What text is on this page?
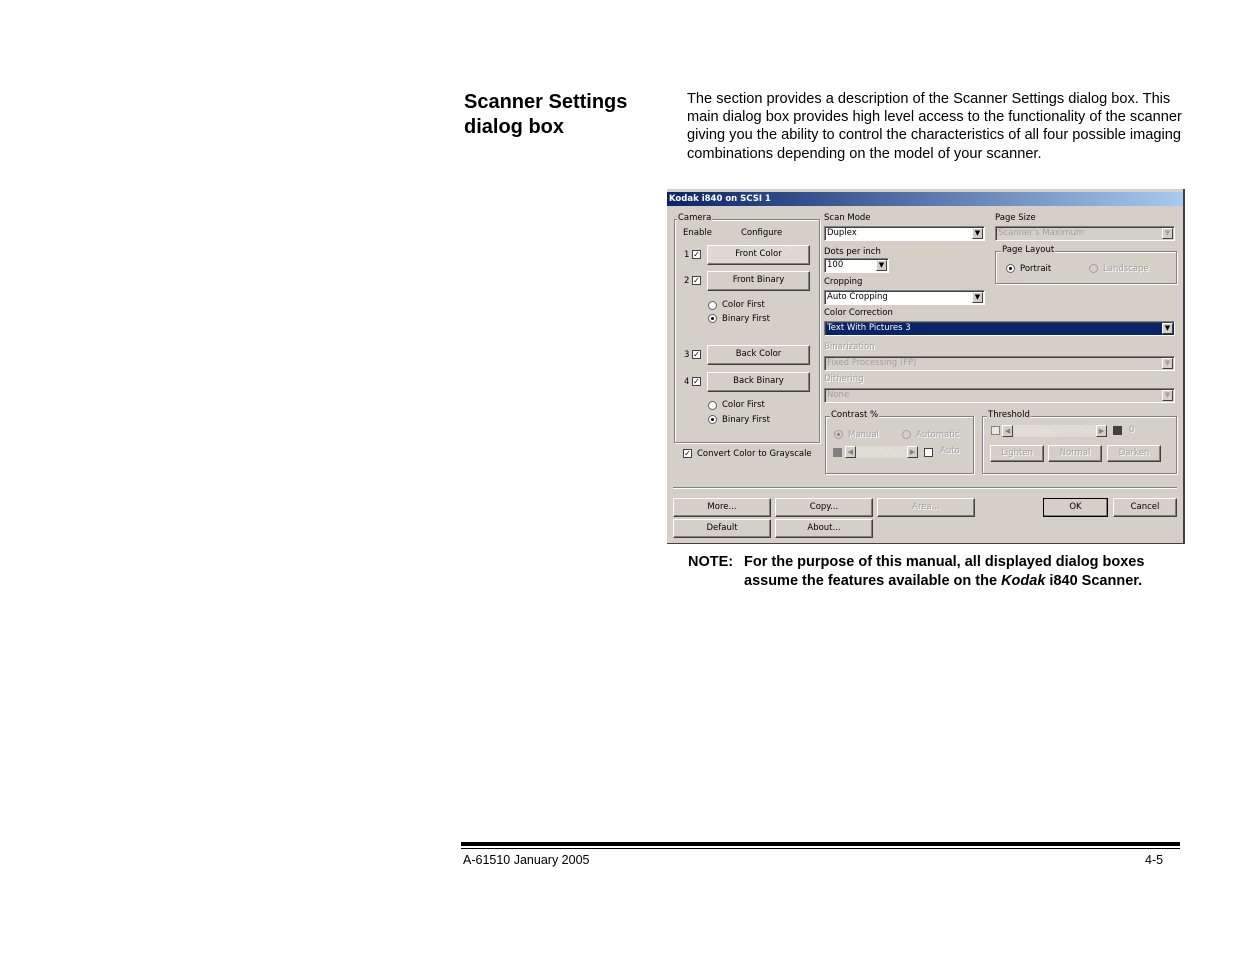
Scanner Settings dialog box
The section provides a description of the Scanner Settings dialog box. This main dialog box provides high level access to the functionality of the scanner giving you the ability to control the characteristics of all four possible imaging combinations depending on the model of your scanner.
Kodak i840 on SCSI 1
Camera
Enable	Configure
1 ✓	Front Color
2 ✓	Front Binary
Color First
Binary First
3 ✓	Back Color
4 ✓	Back Binary
Color First
Binary First
✓ Convert Color to Grayscale
Scan Mode
Duplex	▼
Dots per inch
100	▼
Cropping
Auto Cropping	▼
Color Correction
Text With Pictures 3	▼
Binarization
Fixed Processing (FP)	▼
Dithering
None	▼
Contrast %
Manual	Automatic
◀	▶	Auto
Page Size
Scanner's Maximum	▼
Page Layout
Portrait	Landscape
Threshold
◀	▶	0
Lighten	Normal	Darken
More...	Copy...	Area...	OK	Cancel
Default	About...
NOTE: For the purpose of this manual, all displayed dialog boxes assume the features available on the Kodak i840 Scanner.
A-61510 January 2005	4-5
